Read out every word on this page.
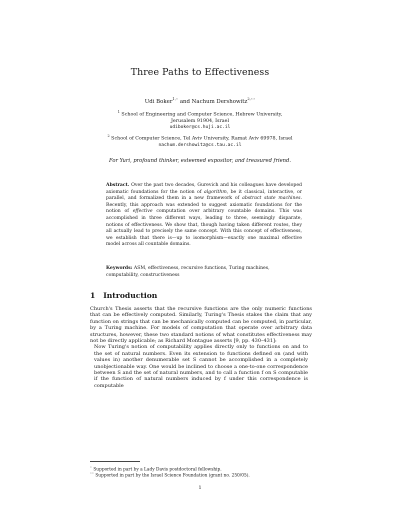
Three Paths to Effectiveness
Udi Boker$^{1,⋆}$ and Nachum Dershowitz$^{2,⋆⋆}$
$^1$ School of Engineering and Computer Science, Hebrew University,
Jerusalem 91904, Israel
udiboker@cs.huji.ac.il
$^2$ School of Computer Science, Tel Aviv University, Ramat Aviv 69978, Israel
nachum.dershowitz@cs.tau.ac.il
For Yuri, profound thinker, esteemed expositor, and treasured friend.

Abstract. Over the past two decades, Gurevich and his colleagues have developed axiomatic foundations for the notion of algorithm, be it classical, interactive, or parallel, and formalized them in a new framework of abstract state machines. Recently, this approach was extended to suggest axiomatic foundations for the notion of effective computation over arbitrary countable domains. This was accomplished in three different ways, leading to three, seemingly disparate, notions of effectiveness. We show that, though having taken different routes, they all actually lead to precisely the same concept. With this concept of effectiveness, we establish that there is—up to isomorphism—exactly one maximal effective model across all countable domains.

Keywords: ASM, effectiveness, recursive functions, Turing machines, computability, constructiveness
1 Introduction

Church's Thesis asserts that the recursive functions are the only numeric functions that can be effectively computed. Similarly, Turing's Thesis stakes the claim that any function on strings that can be mechanically computed can be computed, in particular, by a Turing machine. For models of computation that operate over arbitrary data structures, however, these two standard notions of what constitutes effectiveness may not be directly applicable; as Richard Montague asserts [9, pp. 430–431]:

Now Turing's notion of computability applies directly only to functions on and to the set of natural numbers. Even its extension to functions defined on (and with values in) another denumerable set S cannot be accomplished in a completely unobjectionable way. One would be inclined to choose a one-to-one correspondence between S and the set of natural numbers, and to call a function f on S computable if the function of natural numbers induced by f under this correspondence is computable

⋆ Supported in part by a Lady Davis postdoctoral fellowship.
⋆⋆ Supported in part by the Israel Science Foundation (grant no. 250/05).
1
